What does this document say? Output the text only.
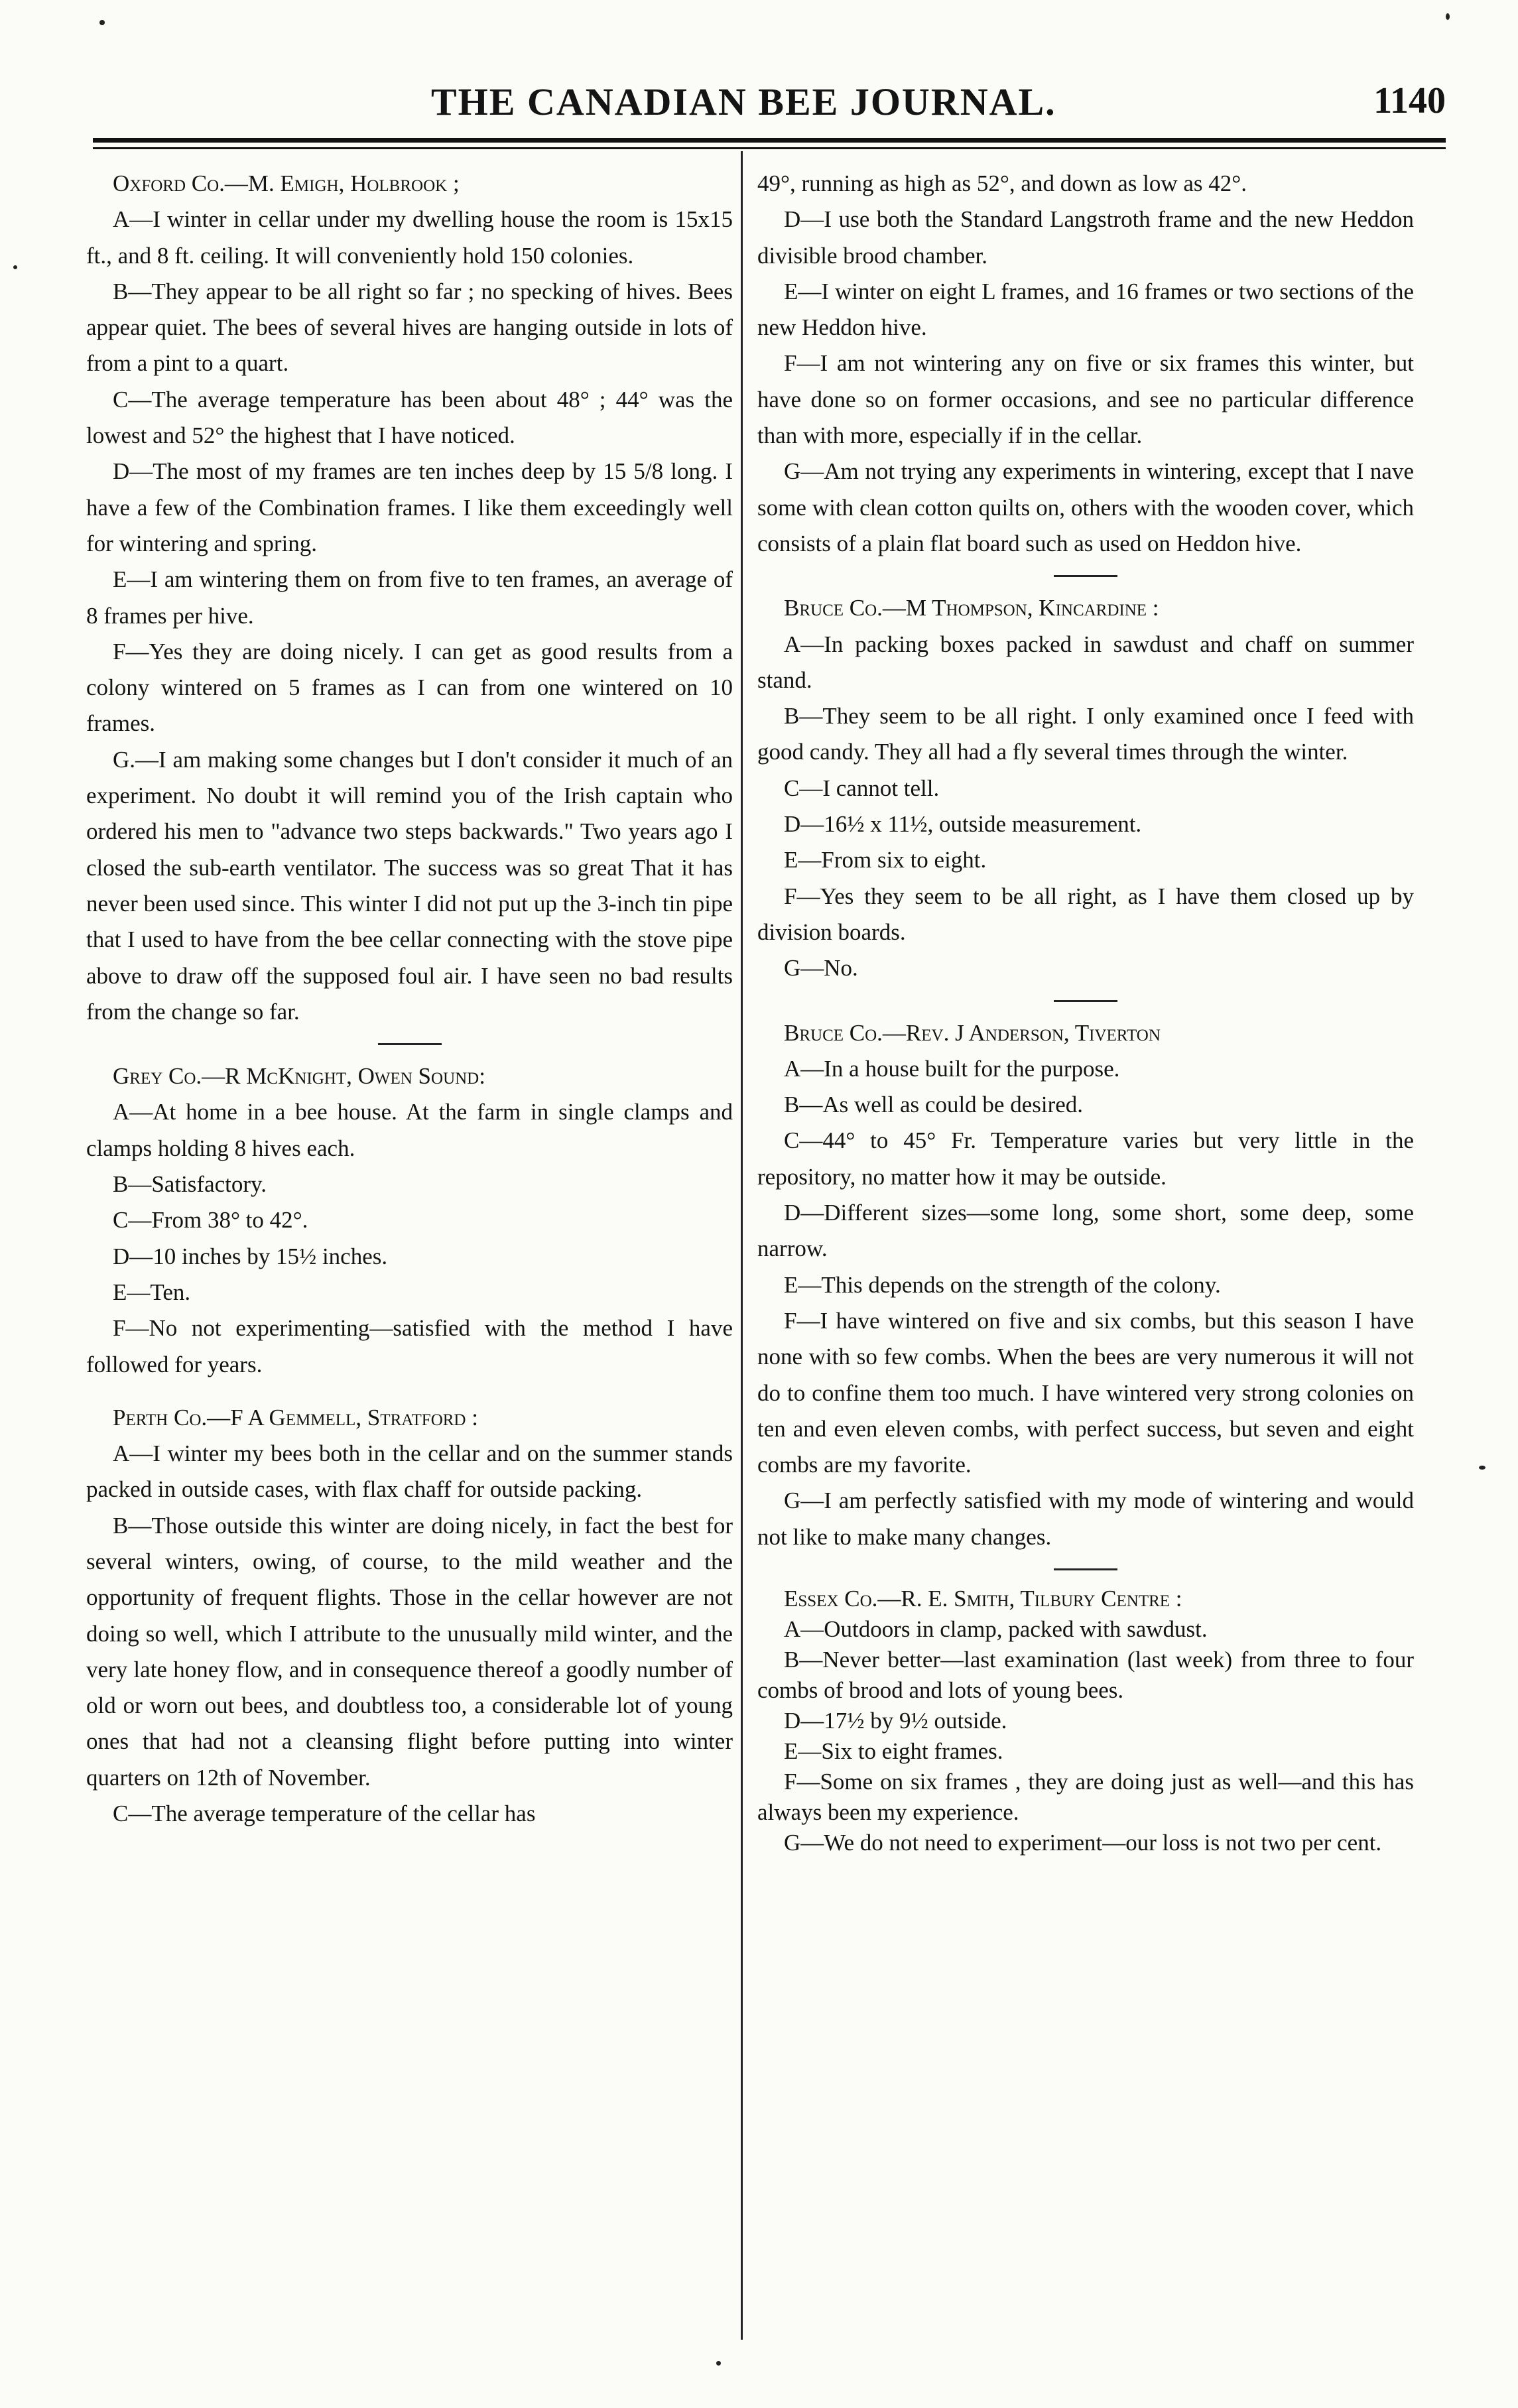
THE CANADIAN BEE JOURNAL.	1140

Oxford Co.—M. Emigh, Holbrook ;

A—I winter in cellar under my dwelling house the room is 15x15 ft., and 8 ft. ceiling. It will conveniently hold 150 colonies.

B—They appear to be all right so far ; no specking of hives. Bees appear quiet. The bees of several hives are hanging outside in lots of from a pint to a quart.

C—The average temperature has been about 48° ; 44° was the lowest and 52° the highest that I have noticed.

D—The most of my frames are ten inches deep by 15 5/8 long. I have a few of the Combination frames. I like them exceedingly well for wintering and spring.

E—I am wintering them on from five to ten frames, an average of 8 frames per hive.

F—Yes they are doing nicely. I can get as good results from a colony wintered on 5 frames as I can from one wintered on 10 frames.

G.—I am making some changes but I don't consider it much of an experiment. No doubt it will remind you of the Irish captain who ordered his men to "advance two steps backwards." Two years ago I closed the sub-earth ventilator. The success was so great That it has never been used since. This winter I did not put up the 3-inch tin pipe that I used to have from the bee cellar connecting with the stove pipe above to draw off the supposed foul air. I have seen no bad results from the change so far.

Grey Co.—R McKnight, Owen Sound:

A—At home in a bee house. At the farm in single clamps and clamps holding 8 hives each.

B—Satisfactory.

C—From 38° to 42°.

D—10 inches by 15½ inches.

E—Ten.

F—No not experimenting—satisfied with the method I have followed for years.

Perth Co.—F A Gemmell, Stratford :

A—I winter my bees both in the cellar and on the summer stands packed in outside cases, with flax chaff for outside packing.

B—Those outside this winter are doing nicely, in fact the best for several winters, owing, of course, to the mild weather and the opportunity of frequent flights. Those in the cellar however are not doing so well, which I attribute to the unusually mild winter, and the very late honey flow, and in consequence thereof a goodly number of old or worn out bees, and doubtless too, a considerable lot of young ones that had not a cleansing flight before putting into winter quarters on 12th of November.

C—The average temperature of the cellar has

49°, running as high as 52°, and down as low as 42°.

D—I use both the Standard Langstroth frame and the new Heddon divisible brood chamber.

E—I winter on eight L frames, and 16 frames or two sections of the new Heddon hive.

F—I am not wintering any on five or six frames this winter, but have done so on former occasions, and see no particular difference than with more, especially if in the cellar.

G—Am not trying any experiments in wintering, except that I nave some with clean cotton quilts on, others with the wooden cover, which consists of a plain flat board such as used on Heddon hive.

Bruce Co.—M Thompson, Kincardine :

A—In packing boxes packed in sawdust and chaff on summer stand.

B—They seem to be all right. I only examined once I feed with good candy. They all had a fly several times through the winter.

C—I cannot tell.

D—16½ x 11½, outside measurement.

E—From six to eight.

F—Yes they seem to be all right, as I have them closed up by division boards.

G—No.

Bruce Co.—Rev. J Anderson, Tiverton

A—In a house built for the purpose.

B—As well as could be desired.

C—44° to 45° Fr. Temperature varies but very little in the repository, no matter how it may be outside.

D—Different sizes—some long, some short, some deep, some narrow.

E—This depends on the strength of the colony.

F—I have wintered on five and six combs, but this season I have none with so few combs. When the bees are very numerous it will not do to confine them too much. I have wintered very strong colonies on ten and even eleven combs, with perfect success, but seven and eight combs are my favorite.

G—I am perfectly satisfied with my mode of wintering and would not like to make many changes.

Essex Co.—R. E. Smith, Tilbury Centre :

A—Outdoors in clamp, packed with sawdust.

B—Never better—last examination (last week) from three to four combs of brood and lots of young bees.

D—17½ by 9½ outside.

E—Six to eight frames.

F—Some on six frames , they are doing just as well—and this has always been my experience.

G—We do not need to experiment—our loss is not two per cent.
